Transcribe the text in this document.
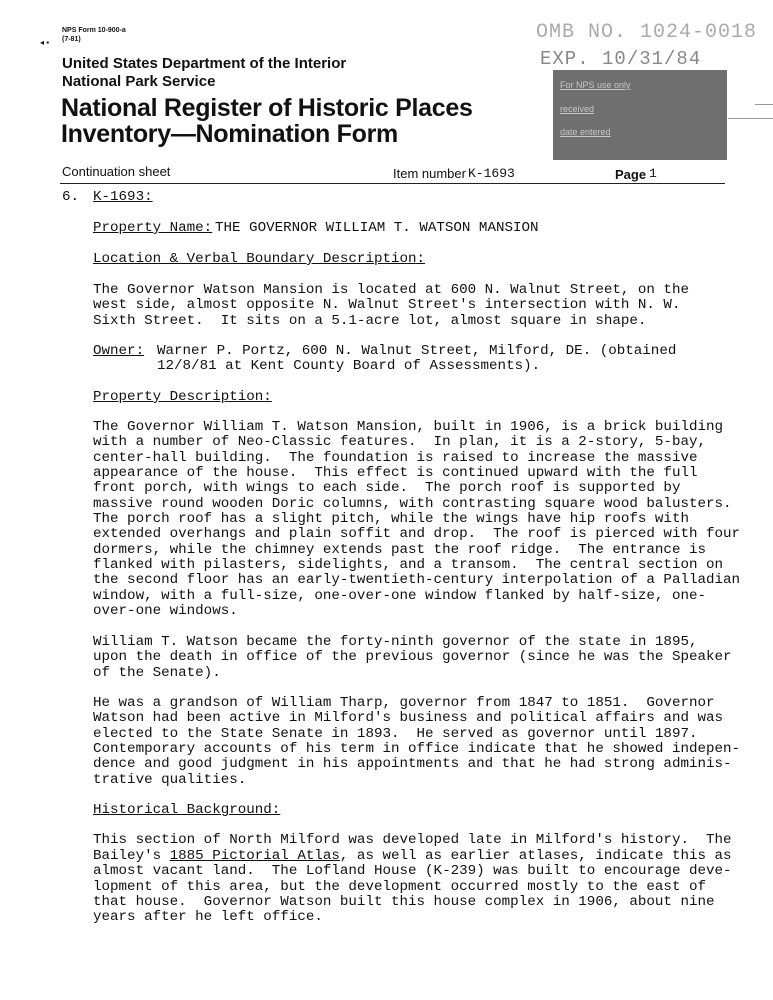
NPS Form 10-900-a
(7-81)
◂ ▪
United States Department of the Interior
National Park Service
National Register of Historic Places
Inventory—Nomination Form
OMB NO. 1024-0018
EXP. 10/31/84
For NPS use only
received
date entered
Continuation sheet	Item number K-1693	Page 1
6. K-1693:
Property Name: THE GOVERNOR WILLIAM T. WATSON MANSION
Location & Verbal Boundary Description:
The Governor Watson Mansion is located at 600 N. Walnut Street, on the
west side, almost opposite N. Walnut Street's intersection with N. W.
Sixth Street.  It sits on a 5.1-acre lot, almost square in shape.
Owner: Warner P. Portz, 600 N. Walnut Street, Milford, DE. (obtained
12/8/81 at Kent County Board of Assessments).
Property Description:
The Governor William T. Watson Mansion, built in 1906, is a brick building
with a number of Neo-Classic features.  In plan, it is a 2-story, 5-bay,
center-hall building.  The foundation is raised to increase the massive
appearance of the house.  This effect is continued upward with the full
front porch, with wings to each side.  The porch roof is supported by
massive round wooden Doric columns, with contrasting square wood balusters.
The porch roof has a slight pitch, while the wings have hip roofs with
extended overhangs and plain soffit and drop.  The roof is pierced with four
dormers, while the chimney extends past the roof ridge.  The entrance is
flanked with pilasters, sidelights, and a transom.  The central section on
the second floor has an early-twentieth-century interpolation of a Palladian
window, with a full-size, one-over-one window flanked by half-size, one-
over-one windows.
William T. Watson became the forty-ninth governor of the state in 1895,
upon the death in office of the previous governor (since he was the Speaker
of the Senate).
He was a grandson of William Tharp, governor from 1847 to 1851.  Governor
Watson had been active in Milford's business and political affairs and was
elected to the State Senate in 1893.  He served as governor until 1897.
Contemporary accounts of his term in office indicate that he showed indepen-
dence and good judgment in his appointments and that he had strong adminis-
trative qualities.
Historical Background:
This section of North Milford was developed late in Milford's history.  The
Bailey's 1885 Pictorial Atlas, as well as earlier atlases, indicate this as
almost vacant land.  The Lofland House (K-239) was built to encourage deve-
lopment of this area, but the development occurred mostly to the east of
that house.  Governor Watson built this house complex in 1906, about nine
years after he left office.
